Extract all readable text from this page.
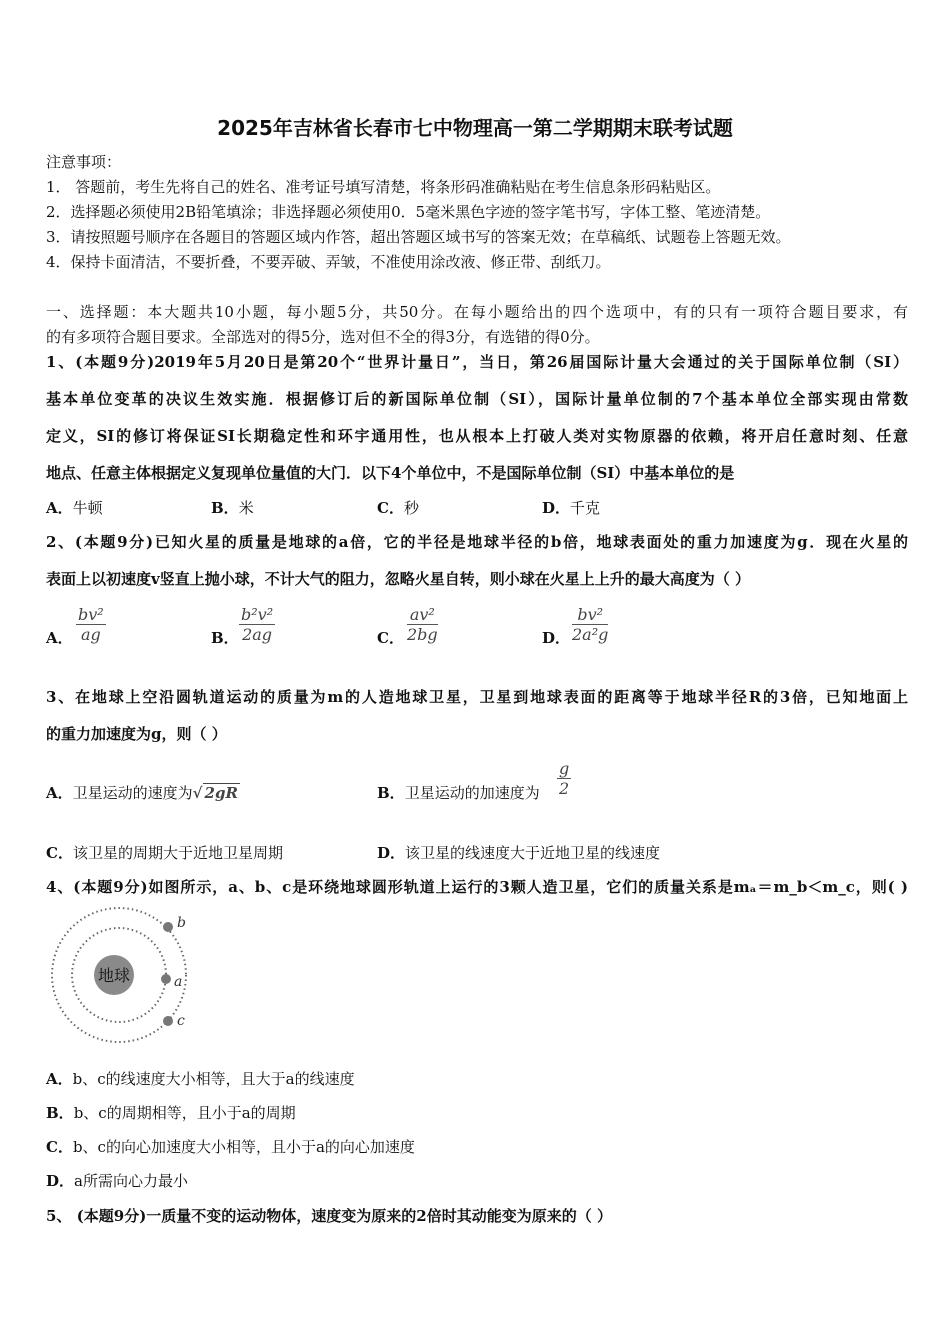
2025年吉林省长春市七中物理高一第二学期期末联考试题
注意事项：
1． 答题前，考生先将自己的姓名、准考证号填写清楚，将条形码准确粘贴在考生信息条形码粘贴区。
2．选择题必须使用2B铅笔填涂；非选择题必须使用0．5毫米黑色字迹的签字笔书写，字体工整、笔迹清楚。
3．请按照题号顺序在各题目的答题区域内作答，超出答题区域书写的答案无效；在草稿纸、试题卷上答题无效。
4．保持卡面清洁，不要折叠，不要弄破、弄皱，不准使用涂改液、修正带、刮纸刀。
一、选择题：本大题共10小题，每小题5分，共50分。在每小题给出的四个选项中，有的只有一项符合题目要求，有
的有多项符合题目要求。全部选对的得5分，选对但不全的得3分，有选错的得0分。
1、(本题9分)2019年5月20日是第20个“世界计量日”，当日，第26届国际计量大会通过的关于国际单位制（SI）
基本单位变革的决议生效实施．根据修订后的新国际单位制（SI），国际计量单位制的7个基本单位全部实现由常数
定义，SI的修订将保证SI长期稳定性和环宇通用性，也从根本上打破人类对实物原器的依赖，将开启任意时刻、任意
地点、任意主体根据定义复现单位量值的大门．以下4个单位中，不是国际单位制（SI）中基本单位的是
A．牛顿	B．米	C．秒	D．千克
2、(本题9分)已知火星的质量是地球的a倍，它的半径是地球半径的b倍，地球表面处的重力加速度为g．现在火星的
表面上以初速度v竖直上抛小球，不计大气的阻力，忽略火星自转，则小球在火星上上升的最大高度为（ ）
A． $\frac{\text{bv²}}{ag}$	B． $\frac{\text{b²v²}}{2ag}$	C． $\frac{\text{av²}}{2bg}$	D． $\frac{\text{bv²}}{\text{2a²g}}$
3、在地球上空沿圆轨道运动的质量为m的人造地球卫星，卫星到地球表面的距离等于地球半径R的3倍，已知地面上
的重力加速度为g，则（ ）
A．卫星运动的速度为√ 2gR	B．卫星运动的加速度为 $\frac{g}{2}$
C．该卫星的周期大于近地卫星周期	D．该卫星的线速度大于近地卫星的线速度
4、(本题9分)如图所示，a、b、c是环绕地球圆形轨道上运行的3颗人造卫星，它们的质量关系是mₐ＝m_b＜m_c，则( )
地球	a
b
c
A．b、c的线速度大小相等，且大于a的线速度
B．b、c的周期相等，且小于a的周期
C．b、c的向心加速度大小相等，且小于a的向心加速度
D．a所需向心力最小
5、 (本题9分)一质量不变的运动物体，速度变为原来的2倍时其动能变为原来的（ ）
